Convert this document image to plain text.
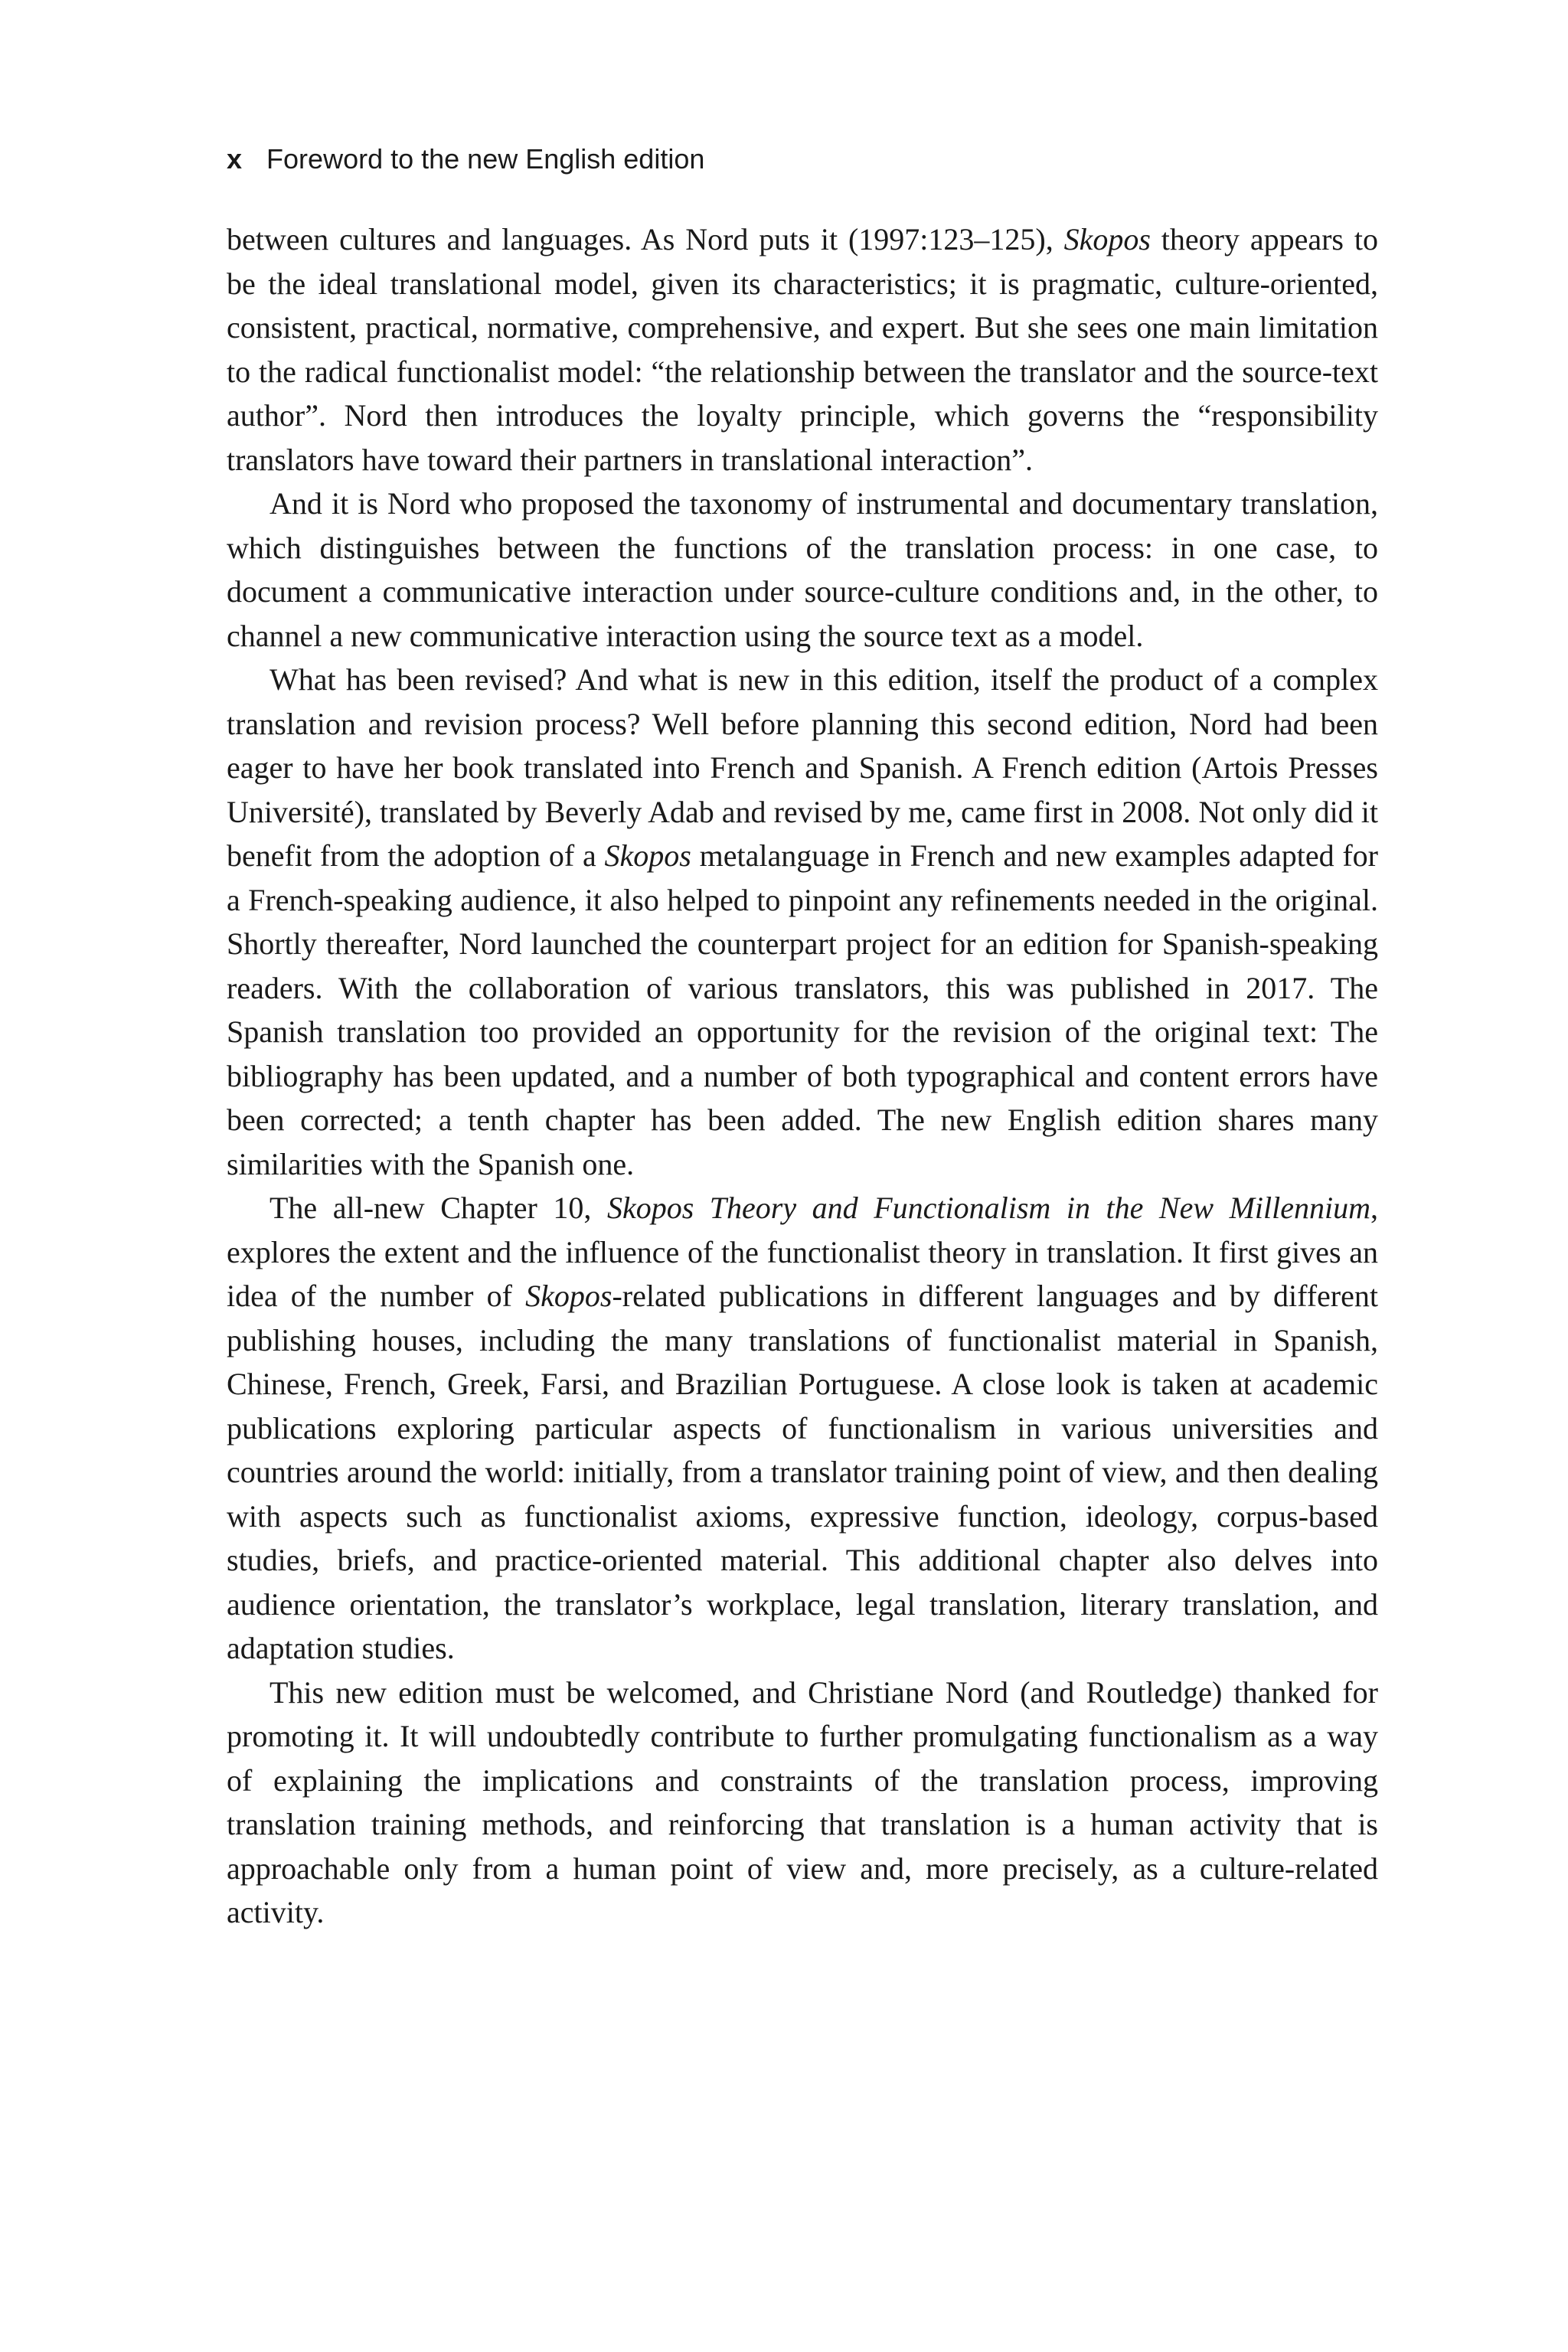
x Foreword to the new English edition

between cultures and languages. As Nord puts it (1997:123–125), Skopos theory appears to be the ideal translational model, given its characteristics; it is pragmatic, culture-oriented, consistent, practical, normative, comprehensive, and expert. But she sees one main limitation to the radical functionalist model: “the relationship between the translator and the source-text author”. Nord then introduces the loyalty principle, which governs the “responsibility translators have toward their partners in translational interaction”.

And it is Nord who proposed the taxonomy of instrumental and documentary translation, which distinguishes between the functions of the translation process: in one case, to document a communicative interaction under source-culture conditions and, in the other, to channel a new communicative interaction using the source text as a model.

What has been revised? And what is new in this edition, itself the product of a complex translation and revision process? Well before planning this second edition, Nord had been eager to have her book translated into French and Spanish. A French edition (Artois Presses Université), translated by Beverly Adab and revised by me, came first in 2008. Not only did it benefit from the adoption of a Skopos metalanguage in French and new examples adapted for a French-speaking audience, it also helped to pinpoint any refinements needed in the original. Shortly thereafter, Nord launched the counterpart project for an edition for Spanish-speaking readers. With the collaboration of various translators, this was published in 2017. The Spanish translation too provided an opportunity for the revision of the original text: The bibliography has been updated, and a number of both typographical and content errors have been corrected; a tenth chapter has been added. The new English edition shares many similarities with the Spanish one.

The all-new Chapter 10, Skopos Theory and Functionalism in the New Millennium, explores the extent and the influence of the functionalist theory in translation. It first gives an idea of the number of Skopos-related publications in different languages and by different publishing houses, including the many translations of functionalist material in Spanish, Chinese, French, Greek, Farsi, and Brazilian Portuguese. A close look is taken at academic publications exploring particular aspects of functionalism in various universities and countries around the world: initially, from a translator training point of view, and then dealing with aspects such as functionalist axioms, expressive function, ideology, corpus-based studies, briefs, and practice-oriented material. This additional chapter also delves into audience orientation, the translator’s workplace, legal translation, literary translation, and adaptation studies.

This new edition must be welcomed, and Christiane Nord (and Routledge) thanked for promoting it. It will undoubtedly contribute to further promulgating functionalism as a way of explaining the implications and constraints of the translation process, improving translation training methods, and reinforcing that translation is a human activity that is approachable only from a human point of view and, more precisely, as a culture-related activity.
